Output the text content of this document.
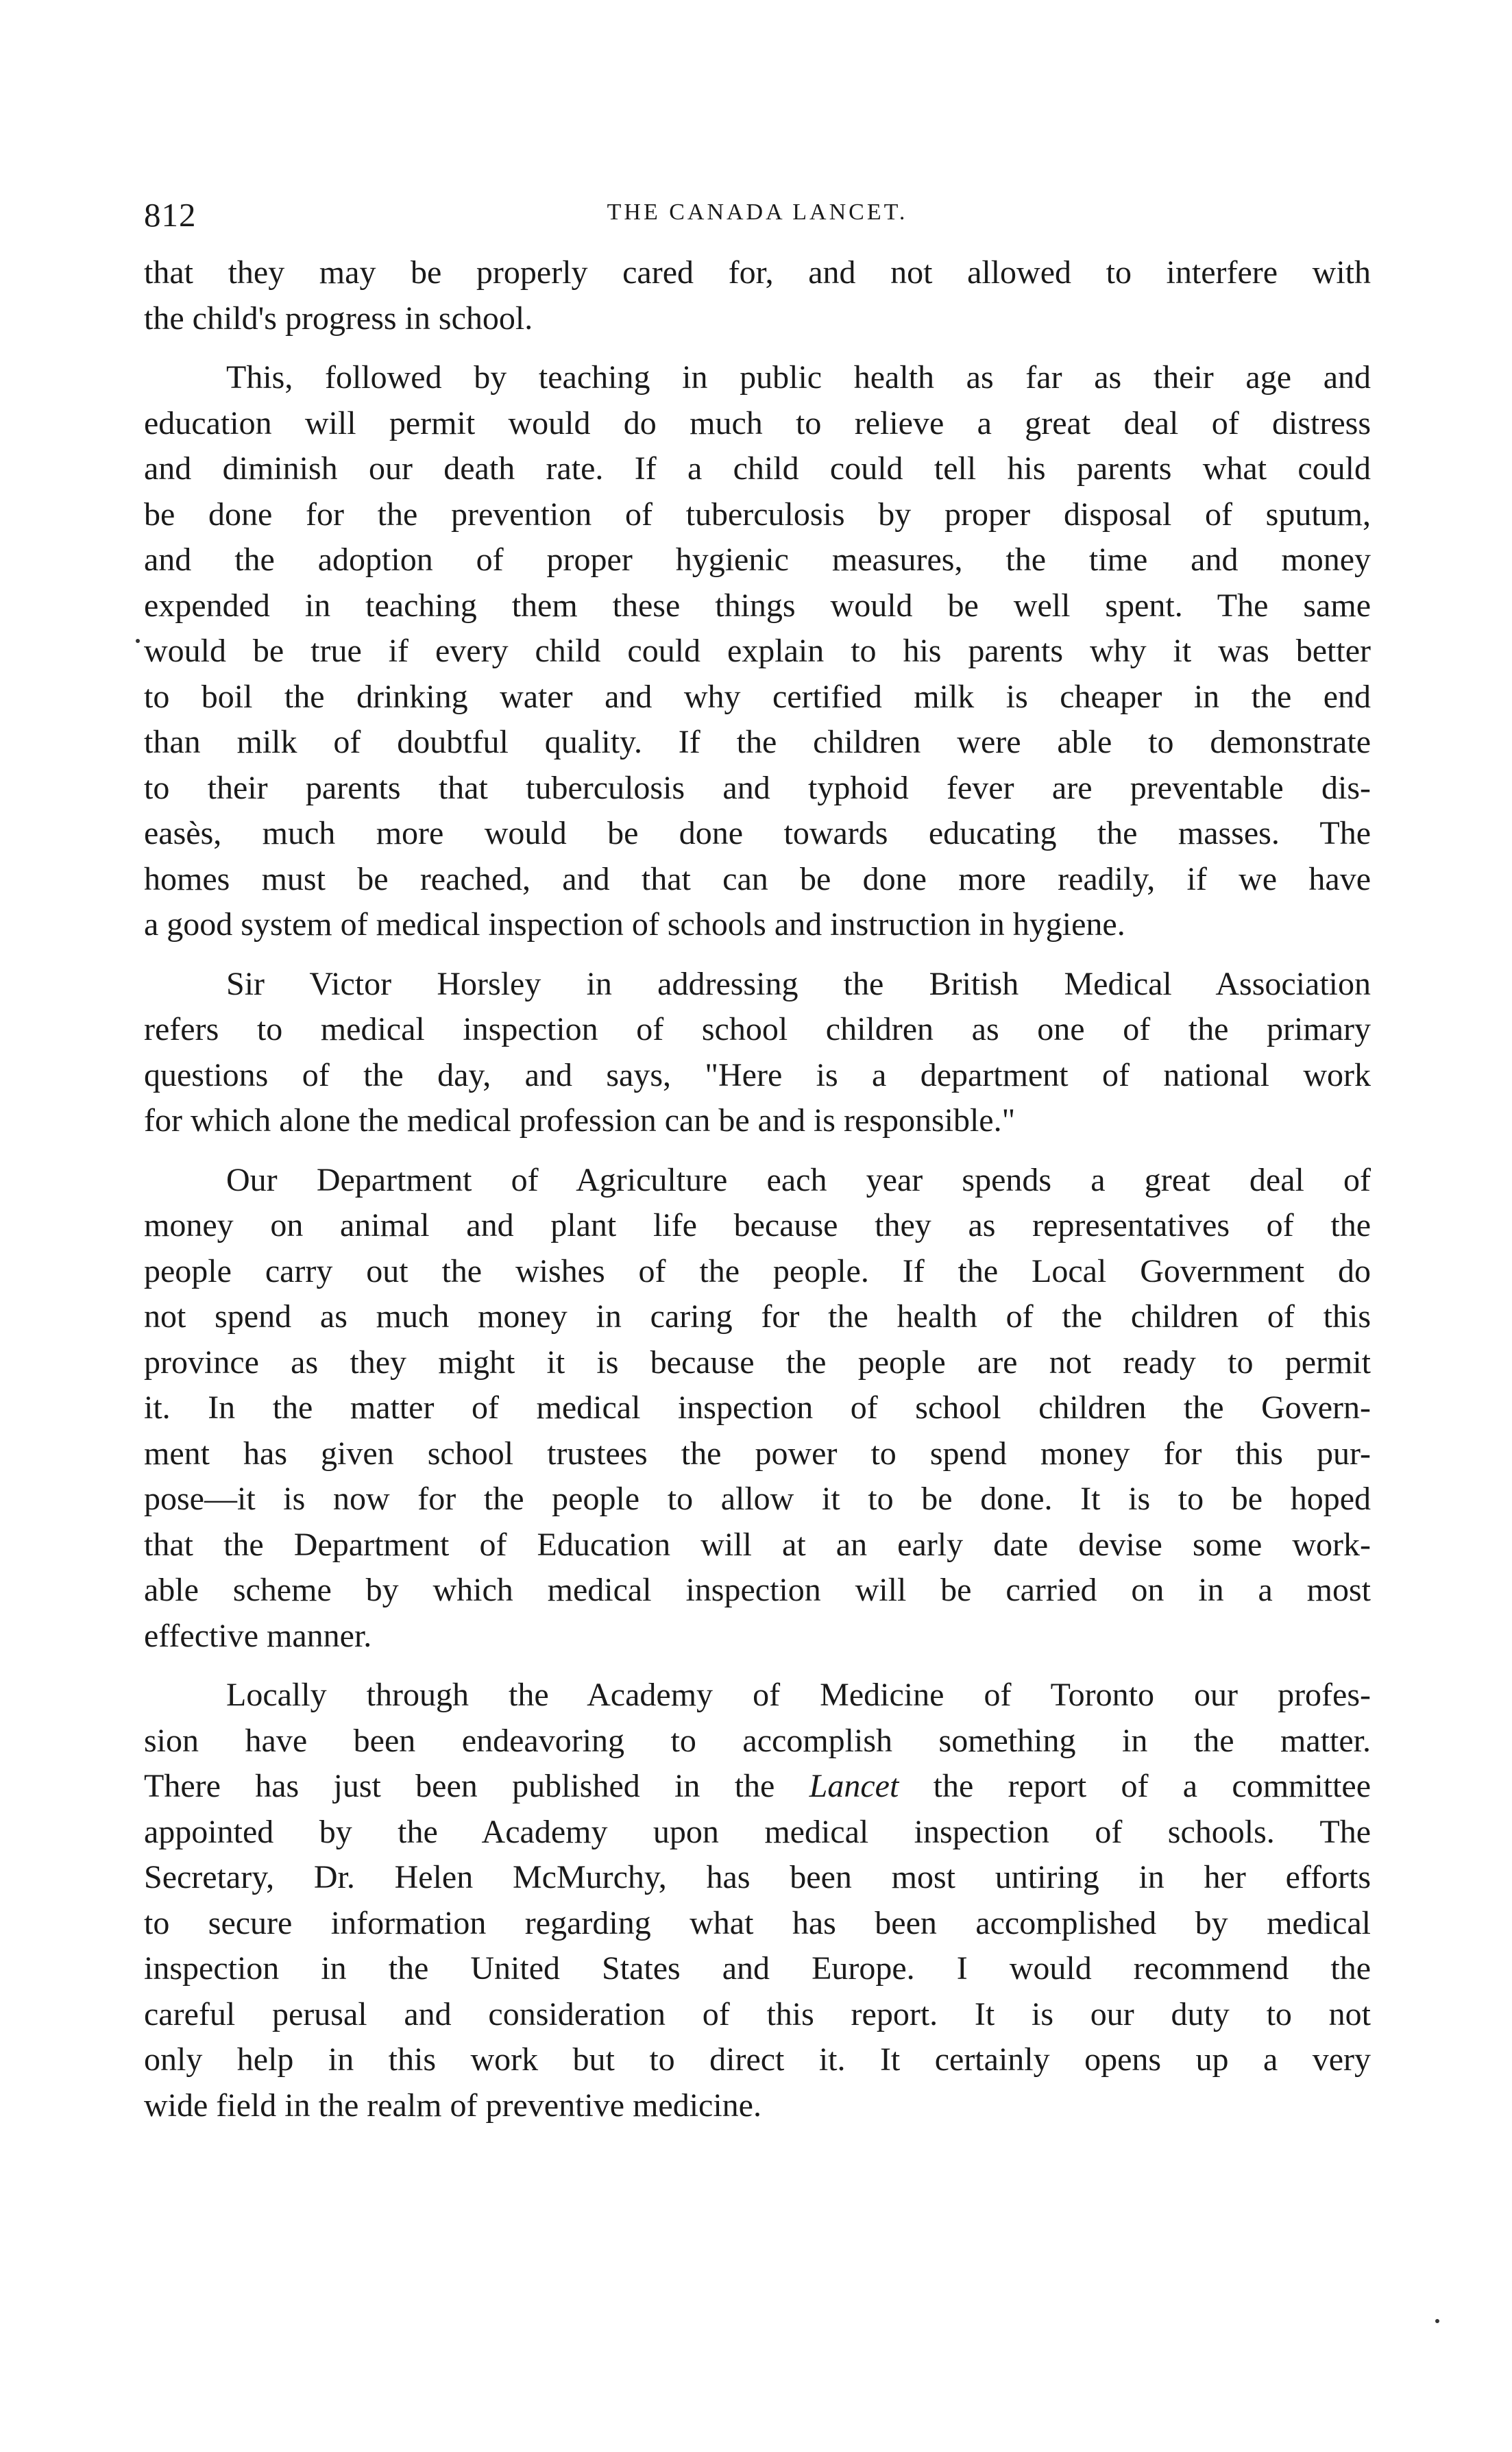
812	THE CANADA LANCET.

that they may be properly cared for, and not allowed to interfere with
the child's progress in school.

This, followed by teaching in public health as far as their age and
education will permit would do much to relieve a great deal of distress
and diminish our death rate. If a child could tell his parents what could
be done for the prevention of tuberculosis by proper disposal of sputum,
and the adoption of proper hygienic measures, the time and money
expended in teaching them these things would be well spent. The same
would be true if every child could explain to his parents why it was better
to boil the drinking water and why certified milk is cheaper in the end
than milk of doubtful quality. If the children were able to demonstrate
to their parents that tuberculosis and typhoid fever are preventable dis-
easès, much more would be done towards educating the masses. The
homes must be reached, and that can be done more readily, if we have
a good system of medical inspection of schools and instruction in hygiene.

Sir Victor Horsley in addressing the British Medical Association
refers to medical inspection of school children as one of the primary
questions of the day, and says, "Here is a department of national work
for which alone the medical profession can be and is responsible."

Our Department of Agriculture each year spends a great deal of
money on animal and plant life because they as representatives of the
people carry out the wishes of the people. If the Local Government do
not spend as much money in caring for the health of the children of this
province as they might it is because the people are not ready to permit
it. In the matter of medical inspection of school children the Govern-
ment has given school trustees the power to spend money for this pur-
pose—it is now for the people to allow it to be done. It is to be hoped
that the Department of Education will at an early date devise some work-
able scheme by which medical inspection will be carried on in a most
effective manner.

Locally through the Academy of Medicine of Toronto our profes-
sion have been endeavoring to accomplish something in the matter.
There has just been published in the Lancet the report of a committee
appointed by the Academy upon medical inspection of schools. The
Secretary, Dr. Helen McMurchy, has been most untiring in her efforts
to secure information regarding what has been accomplished by medical
inspection in the United States and Europe. I would recommend the
careful perusal and consideration of this report. It is our duty to not
only help in this work but to direct it. It certainly opens up a very
wide field in the realm of preventive medicine.
